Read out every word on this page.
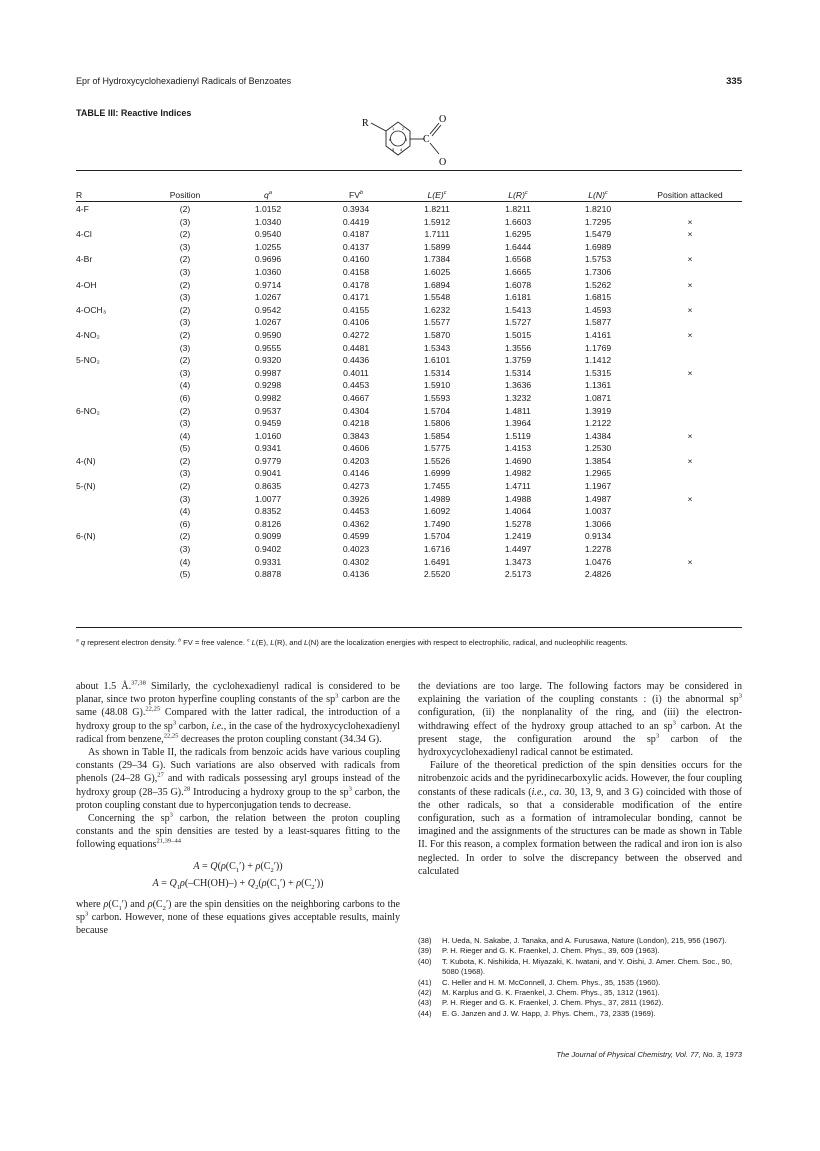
Epr of Hydroxycyclohexadienyl Radicals of Benzoates	335
TABLE III: Reactive Indices
R
C
O
O
1 2
3
4
5
6
R	Position	$q^a$	$FV^b$	$L(E)^c$	$L(R)^c$	$L(N)^c$	Position attacked
4-F	(2)	1.0152	0.3934	1.8211	1.8211	1.8210	
	(3)	1.0340	0.4419	1.5912	1.6603	1.7295	×
4-Cl	(2)	0.9540	0.4187	1.7111	1.6295	1.5479	×
	(3)	1.0255	0.4137	1.5899	1.6444	1.6989	
4-Br	(2)	0.9696	0.4160	1.7384	1.6568	1.5753	×
	(3)	1.0360	0.4158	1.6025	1.6665	1.7306	
4-OH	(2)	0.9714	0.4178	1.6894	1.6078	1.5262	×
	(3)	1.0267	0.4171	1.5548	1.6181	1.6815	
4-OCH₃	(2)	0.9542	0.4155	1.6232	1.5413	1.4593	×
	(3)	1.0267	0.4106	1.5577	1.5727	1.5877	
4-NO₂	(2)	0.9590	0.4272	1.5870	1.5015	1.4161	×
	(3)	0.9555	0.4481	1.5343	1.3556	1.1769	
5-NO₂	(2)	0.9320	0.4436	1.6101	1.3759	1.1412	
	(3)	0.9987	0.4011	1.5314	1.5314	1.5315	×
	(4)	0.9298	0.4453	1.5910	1.3636	1.1361	
	(6)	0.9982	0.4667	1.5593	1.3232	1.0871	
6-NO₂	(2)	0.9537	0.4304	1.5704	1.4811	1.3919	
	(3)	0.9459	0.4218	1.5806	1.3964	1.2122	
	(4)	1.0160	0.3843	1.5854	1.5119	1.4384	×
	(5)	0.9341	0.4606	1.5775	1.4153	1.2530	
4-(N)	(2)	0.9779	0.4203	1.5526	1.4690	1.3854	×
	(3)	0.9041	0.4146	1.6999	1.4982	1.2965	
5-(N)	(2)	0.8635	0.4273	1.7455	1.4711	1.1967	
	(3)	1.0077	0.3926	1.4989	1.4988	1.4987	×
	(4)	0.8352	0.4453	1.6092	1.4064	1.0037	
	(6)	0.8126	0.4362	1.7490	1.5278	1.3066	
6-(N)	(2)	0.9099	0.4599	1.5704	1.2419	0.9134	
	(3)	0.9402	0.4023	1.6716	1.4497	1.2278	
	(4)	0.9331	0.4302	1.6491	1.3473	1.0476	×
	(5)	0.8878	0.4136	2.5520	2.5173	2.4826	
$^a$ q represent electron density. $^b$ FV = free valence. $^c$ L(E), L(R), and L(N) are the localization energies with respect to electrophilic, radical, and nucleophilic reagents.

about 1.5 Å.$^{37,38}$ Similarly, the cyclohexadienyl radical is considered to be planar, since two proton hyperfine coupling constants of the $sp^3$ carbon are the same (48.08 G).$^{22,25}$ Compared with the latter radical, the introduction of a hydroxy group to the $sp^3$ carbon, i.e., in the case of the hydroxycyclohexadienyl radical from benzene,$^{22,25}$ decreases the proton coupling constant (34.34 G).

As shown in Table II, the radicals from benzoic acids have various coupling constants (29–34 G). Such variations are also observed with radicals from phenols (24–28 G),$^{27}$ and with radicals possessing aryl groups instead of the hydroxy group (28–35 G).$^{28}$ Introducing a hydroxy group to the $sp^3$ carbon, the proton coupling constant due to hyperconjugation tends to decrease.

Concerning the $sp^3$ carbon, the relation between the proton coupling constants and the spin densities are tested by a least-squares fitting to the following equations$^{21,39-44}$

$A = Q(\rho(C_1') + \rho(C_2'))$
$A = Q_1\rho(-CH(OH)-) + Q_2(\rho(C_1') + \rho(C_2'))$

where $\rho(C_1')$ and $\rho(C_2')$ are the spin densities on the neighboring carbons to the $sp^3$ carbon. However, none of these equations gives acceptable results, mainly because

the deviations are too large. The following factors may be considered in explaining the variation of the coupling constants : (i) the abnormal $sp^3$ configuration, (ii) the nonplanality of the ring, and (iii) the electron-withdrawing effect of the hydroxy group attached to an $sp^3$ carbon. At the present stage, the configuration around the $sp^3$ carbon of the hydroxycyclohexadienyl radical cannot be estimated.

Failure of the theoretical prediction of the spin densities occurs for the nitrobenzoic acids and the pyridinecarboxylic acids. However, the four coupling constants of these radicals (i.e., ca. 30, 13, 9, and 3 G) coincided with those of the other radicals, so that a considerable modification of the entire configuration, such as a formation of intramolecular bonding, cannot be imagined and the assignments of the structures can be made as shown in Table II. For this reason, a complex formation between the radical and iron ion is also neglected. In order to solve the discrepancy between the observed and calculated

(38)	H. Ueda, N. Sakabe, J. Tanaka, and A. Furusawa, Nature (London), 215, 956 (1967).
(39)	P. H. Rieger and G. K. Fraenkel, J. Chem. Phys., 39, 609 (1963).
(40)	T. Kubota, K. Nishikida, H. Miyazaki, K. Iwatani, and Y. Oishi, J. Amer. Chem. Soc., 90, 5080 (1968).
(41)	C. Heller and H. M. McConnell, J. Chem. Phys., 35, 1535 (1960).
(42)	M. Karplus and G. K. Fraenkel, J. Chem. Phys., 35, 1312 (1961).
(43)	P. H. Rieger and G. K. Fraenkel, J. Chem. Phys., 37, 2811 (1962).
(44)	E. G. Janzen and J. W. Happ, J. Phys. Chem., 73, 2335 (1969).
The Journal of Physical Chemistry, Vol. 77, No. 3, 1973
